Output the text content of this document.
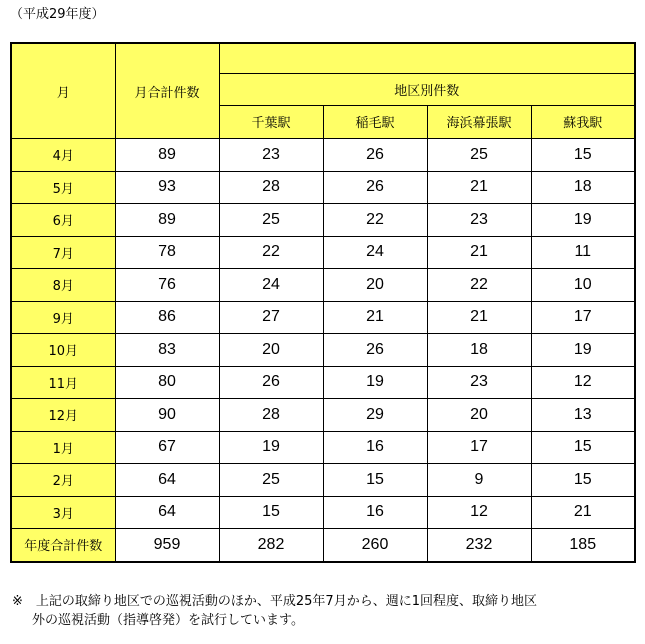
（平成29年度）
月	月合計件数				
		地区別件数			
		千葉駅	稲毛駅	海浜幕張駅	蘇我駅
4月	89	23	26	25	15
5月	93	28	26	21	18
6月	89	25	22	23	19
7月	78	22	24	21	11
8月	76	24	20	22	10
9月	86	27	21	21	17
10月	83	20	26	18	19
11月	80	26	19	23	12
12月	90	28	29	20	13
1月	67	19	16	17	15
2月	64	25	15	9	15
3月	64	15	16	12	21
年度合計件数	959	282	260	232	185
※　上記の取締り地区での巡視活動のほか、平成25年7月から、週に1回程度、取締り地区
外の巡視活動（指導啓発）を試行しています。
